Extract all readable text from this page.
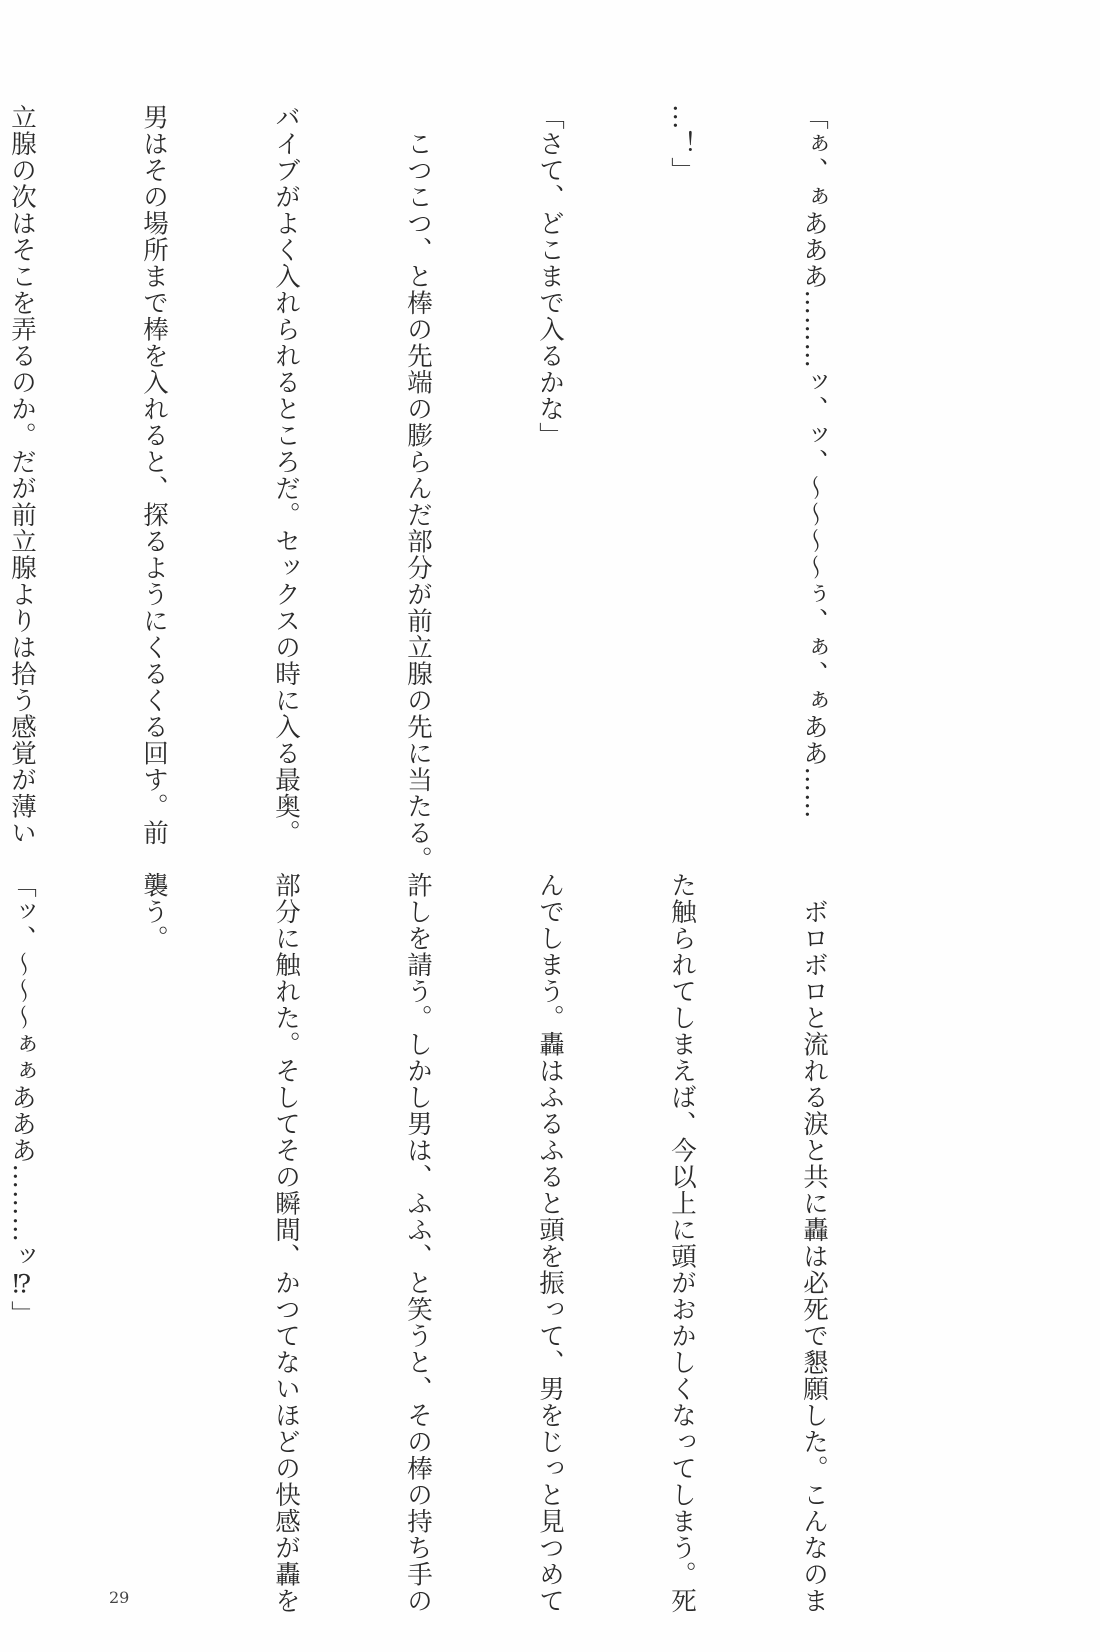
「ぁ、ぁあああ………ッ、ッ、〜〜〜〜ぅ、ぁ、ぁああ……

…！」

「さて、どこまで入るかな」

　こつこつ、と棒の先端の膨らんだ部分が前立腺の先に当たる。

バイブがよく入れられるところだ。セックスの時に入る最奥。

男はその場所まで棒を入れると、探るようにくるくる回す。前

立腺の次はそこを弄るのか。だが前立腺よりは拾う感覚が薄い

　ボロボロと流れる涙と共に轟は必死で懇願した。こんなのま

た触られてしまえば、今以上に頭がおかしくなってしまう。死

んでしまう。轟はふるふると頭を振って、男をじっと見つめて

許しを請う。しかし男は、ふふ、と笑うと、その棒の持ち手の

部分に触れた。そしてその瞬間、かつてないほどの快感が轟を

襲う。

「ッ、〜〜〜ぁぁあああ………ッ⁉」

29
